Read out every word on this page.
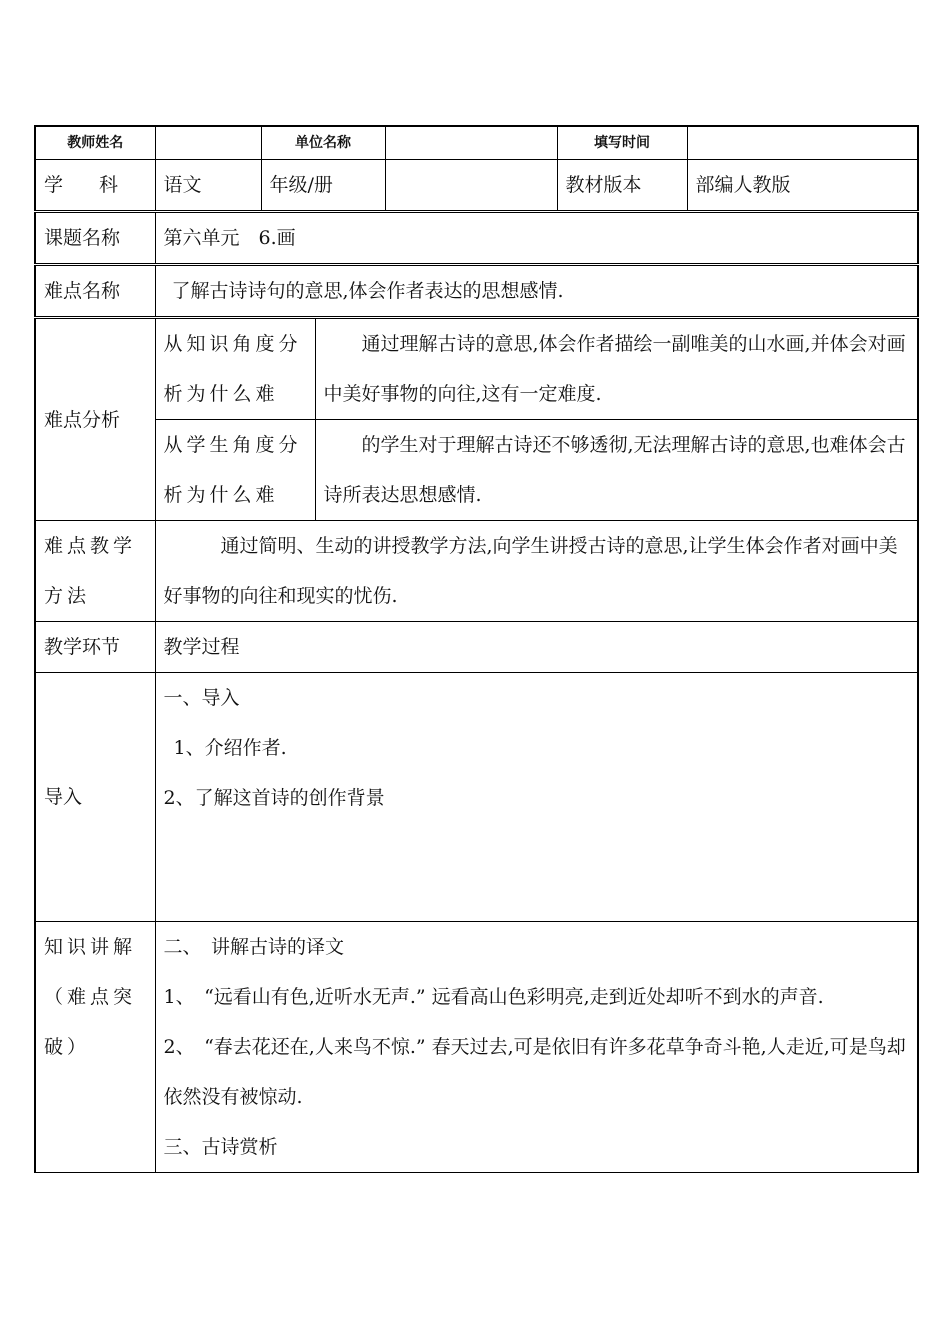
教师姓名		单位名称			填写时间	
学 科	语文	年级/册			教材版本	部编人教版
课题名称	第六单元　6.画					
难点名称	了解古诗诗句的意思,体会作者表达的思想感情.					
难点分析	从知识角度分析为什么难		通过理解古诗的意思,体会作者描绘一副唯美的山水画,并体会对画中美好事物的向往,这有一定难度.			
	从学生角度分析为什么难		的学生对于理解古诗还不够透彻,无法理解古诗的意思,也难体会古诗所表达思想感情.			
难点教学方法	通过简明、生动的讲授教学方法,向学生讲授古诗的意思,让学生体会作者对画中美好事物的向往和现实的忧伤.					
教学环节	教学过程					
导入	一、导入

1、介绍作者.

2、了解这首诗的创作背景					

知识讲解（难点突破）	二、　讲解古诗的译文

1、　“远看山有色,近听水无声.” 远看高山色彩明亮,走到近处却听不到水的声音.

2、　“春去花还在,人来鸟不惊.” 春天过去,可是依旧有许多花草争奇斗艳,人走近,可是鸟却依然没有被惊动.

三、古诗赏析					
